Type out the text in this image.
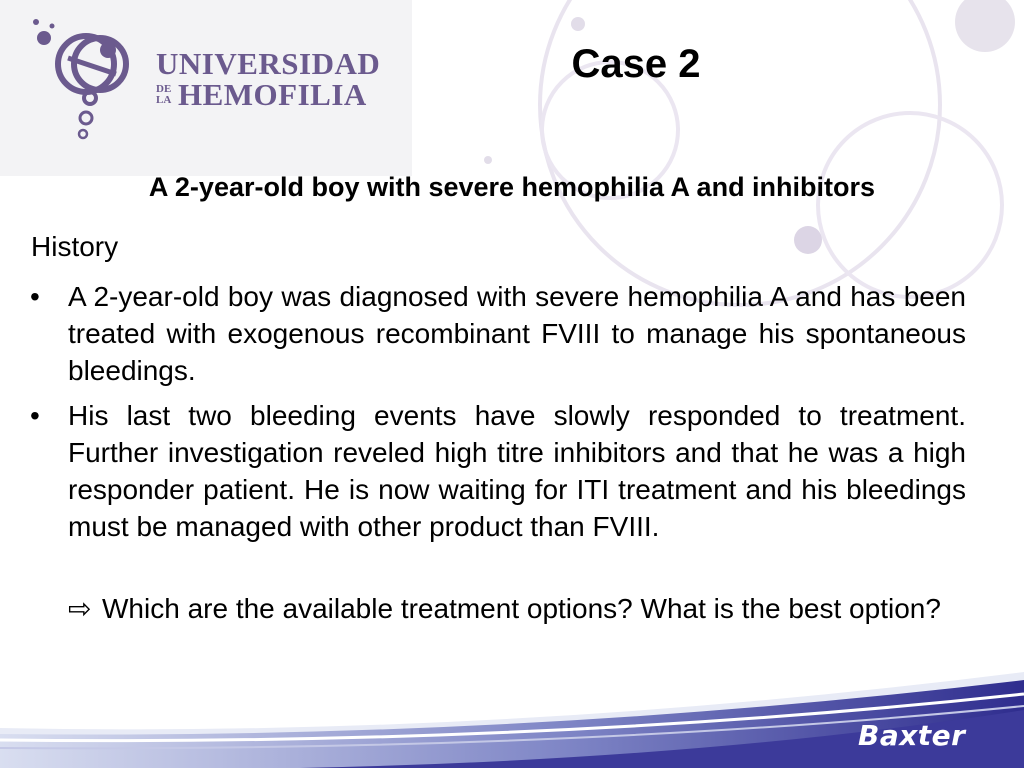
UNIVERSIDAD
DE
LA HEMOFILIA
Case 2
A 2-year-old boy with severe hemophilia A and inhibitors
History
•	A 2-year-old boy was diagnosed with severe hemophilia A and has been treated with exogenous recombinant FVIII to manage his spontaneous bleedings.
•	His last two bleeding events have slowly responded to treatment. Further investigation reveled high titre inhibitors and that he was a high responder patient. He is now waiting for ITI treatment and his bleedings must be managed with other product than FVIII.
⇨ Which are the available treatment options? What is the best option?
Baxter
